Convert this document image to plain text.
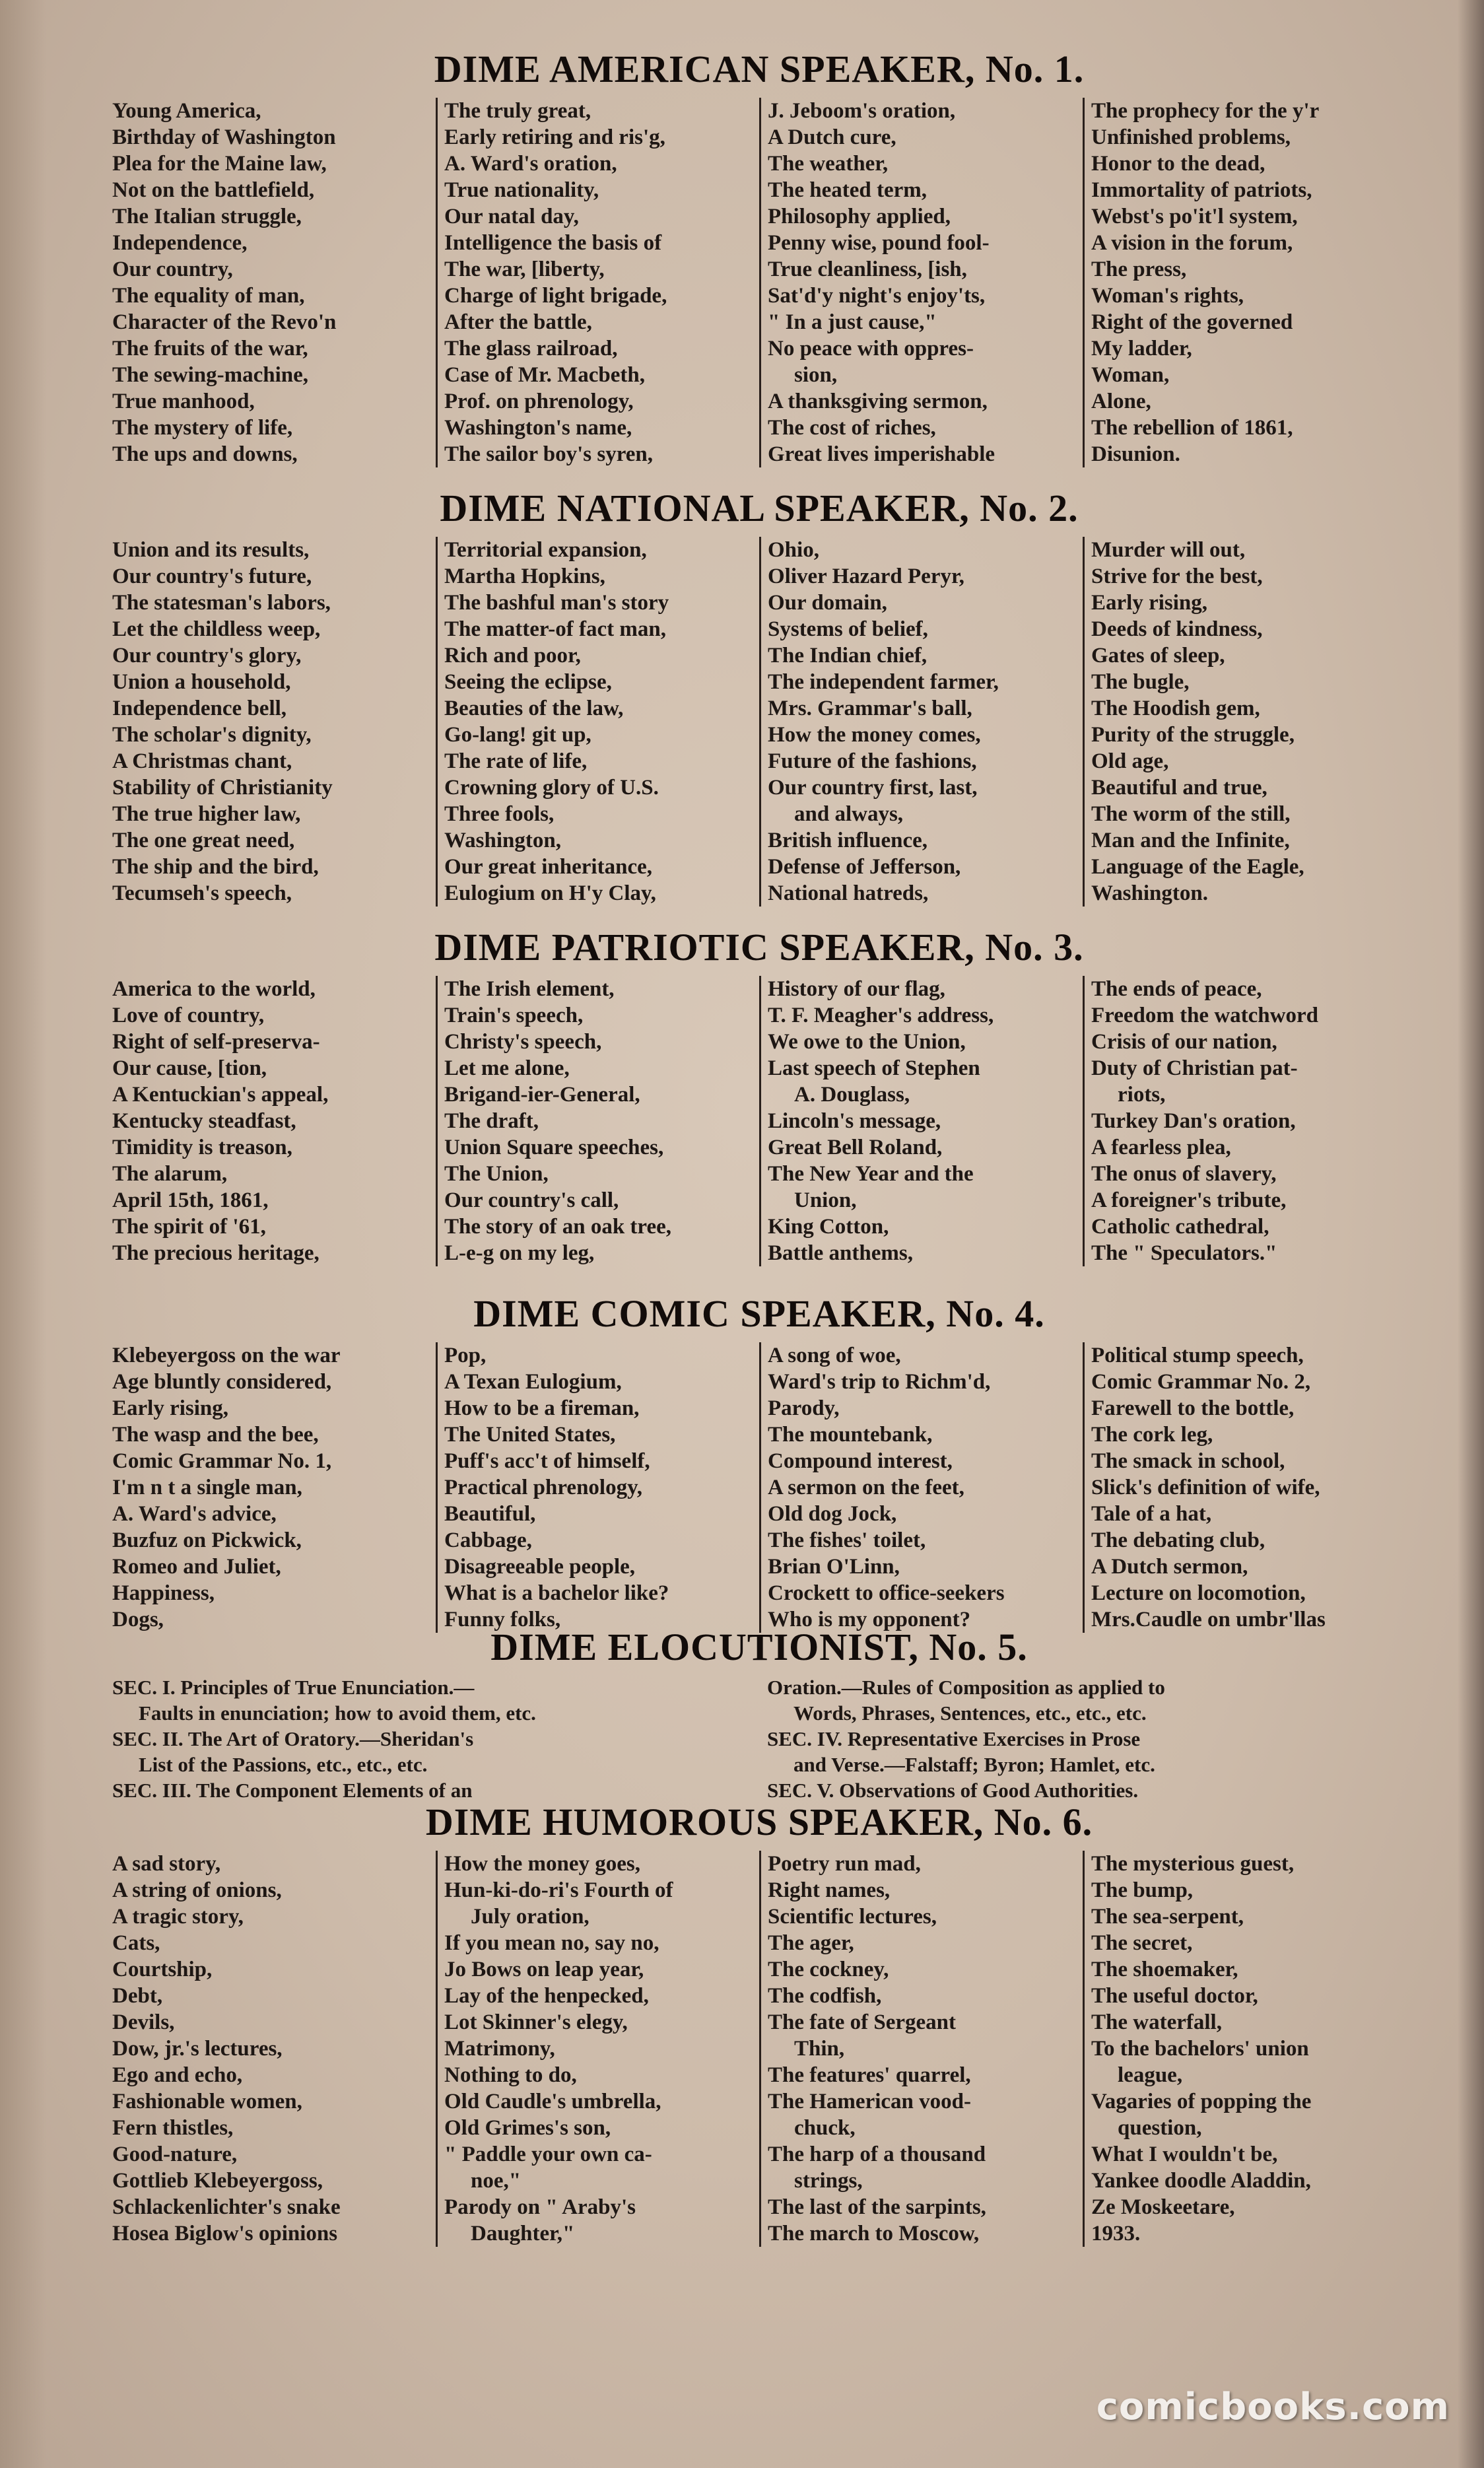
DIME AMERICAN SPEAKER, No. 1.
Young America,
Birthday of Washington
Plea for the Maine law,
Not on the battlefield,
The Italian struggle,
Independence,
Our country,
The equality of man,
Character of the Revo'n
The fruits of the war,
The sewing-machine,
True manhood,
The mystery of life,
The ups and downs,
The truly great,
Early retiring and ris'g,
A. Ward's oration,
True nationality,
Our natal day,
Intelligence the basis of
The war, [liberty,
Charge of light brigade,
After the battle,
The glass railroad,
Case of Mr. Macbeth,
Prof. on phrenology,
Washington's name,
The sailor boy's syren,
J. Jeboom's oration,
A Dutch cure,
The weather,
The heated term,
Philosophy applied,
Penny wise, pound fool-
True cleanliness, [ish,
Sat'd'y night's enjoy'ts,
" In a just cause,"
No peace with oppres-
sion,
A thanksgiving sermon,
The cost of riches,
Great lives imperishable
The prophecy for the y'r
Unfinished problems,
Honor to the dead,
Immortality of patriots,
Webst's po'it'l system,
A vision in the forum,
The press,
Woman's rights,
Right of the governed
My ladder,
Woman,
Alone,
The rebellion of 1861,
Disunion.
DIME NATIONAL SPEAKER, No. 2.
Union and its results,
Our country's future,
The statesman's labors,
Let the childless weep,
Our country's glory,
Union a household,
Independence bell,
The scholar's dignity,
A Christmas chant,
Stability of Christianity
The true higher law,
The one great need,
The ship and the bird,
Tecumseh's speech,
Territorial expansion,
Martha Hopkins,
The bashful man's story
The matter-of fact man,
Rich and poor,
Seeing the eclipse,
Beauties of the law,
Go-lang! git up,
The rate of life,
Crowning glory of U.S.
Three fools,
Washington,
Our great inheritance,
Eulogium on H'y Clay,
Ohio,
Oliver Hazard Peryr,
Our domain,
Systems of belief,
The Indian chief,
The independent farmer,
Mrs. Grammar's ball,
How the money comes,
Future of the fashions,
Our country first, last,
and always,
British influence,
Defense of Jefferson,
National hatreds,
Murder will out,
Strive for the best,
Early rising,
Deeds of kindness,
Gates of sleep,
The bugle,
The Hoodish gem,
Purity of the struggle,
Old age,
Beautiful and true,
The worm of the still,
Man and the Infinite,
Language of the Eagle,
Washington.
DIME PATRIOTIC SPEAKER, No. 3.
America to the world,
Love of country,
Right of self-preserva-
Our cause, [tion,
A Kentuckian's appeal,
Kentucky steadfast,
Timidity is treason,
The alarum,
April 15th, 1861,
The spirit of '61,
The precious heritage,
The Irish element,
Train's speech,
Christy's speech,
Let me alone,
Brigand-ier-General,
The draft,
Union Square speeches,
The Union,
Our country's call,
The story of an oak tree,
L-e-g on my leg,
History of our flag,
T. F. Meagher's address,
We owe to the Union,
Last speech of Stephen
A. Douglass,
Lincoln's message,
Great Bell Roland,
The New Year and the
Union,
King Cotton,
Battle anthems,
The ends of peace,
Freedom the watchword
Crisis of our nation,
Duty of Christian pat-
riots,
Turkey Dan's oration,
A fearless plea,
The onus of slavery,
A foreigner's tribute,
Catholic cathedral,
The " Speculators."
DIME COMIC SPEAKER, No. 4.
Klebeyergoss on the war
Age bluntly considered,
Early rising,
The wasp and the bee,
Comic Grammar No. 1,
I'm n t a single man,
A. Ward's advice,
Buzfuz on Pickwick,
Romeo and Juliet,
Happiness,
Dogs,
Pop,
A Texan Eulogium,
How to be a fireman,
The United States,
Puff's acc't of himself,
Practical phrenology,
Beautiful,
Cabbage,
Disagreeable people,
What is a bachelor like?
Funny folks,
A song of woe,
Ward's trip to Richm'd,
Parody,
The mountebank,
Compound interest,
A sermon on the feet,
Old dog Jock,
The fishes' toilet,
Brian O'Linn,
Crockett to office-seekers
Who is my opponent?
Political stump speech,
Comic Grammar No. 2,
Farewell to the bottle,
The cork leg,
The smack in school,
Slick's definition of wife,
Tale of a hat,
The debating club,
A Dutch sermon,
Lecture on locomotion,
Mrs.Caudle on umbr'llas
DIME ELOCUTIONIST, No. 5.
SEC. I. Principles of True Enunciation.—
Faults in enunciation; how to avoid them, etc.
SEC. II. The Art of Oratory.—Sheridan's
List of the Passions, etc., etc., etc.
SEC. III. The Component Elements of an
Oration.—Rules of Composition as applied to
Words, Phrases, Sentences, etc., etc., etc.
SEC. IV. Representative Exercises in Prose
and Verse.—Falstaff; Byron; Hamlet, etc.
SEC. V. Observations of Good Authorities.
DIME HUMOROUS SPEAKER, No. 6.
A sad story,
A string of onions,
A tragic story,
Cats,
Courtship,
Debt,
Devils,
Dow, jr.'s lectures,
Ego and echo,
Fashionable women,
Fern thistles,
Good-nature,
Gottlieb Klebeyergoss,
Schlackenlichter's snake
Hosea Biglow's opinions
How the money goes,
Hun-ki-do-ri's Fourth of
July oration,
If you mean no, say no,
Jo Bows on leap year,
Lay of the henpecked,
Lot Skinner's elegy,
Matrimony,
Nothing to do,
Old Caudle's umbrella,
Old Grimes's son,
" Paddle your own ca-
noe,"
Parody on " Araby's
Daughter,"
Poetry run mad,
Right names,
Scientific lectures,
The ager,
The cockney,
The codfish,
The fate of Sergeant
Thin,
The features' quarrel,
The Hamerican vood-
chuck,
The harp of a thousand
strings,
The last of the sarpints,
The march to Moscow,
The mysterious guest,
The bump,
The sea-serpent,
The secret,
The shoemaker,
The useful doctor,
The waterfall,
To the bachelors' union
league,
Vagaries of popping the
question,
What I wouldn't be,
Yankee doodle Aladdin,
Ze Moskeetare,
1933.
comicbooks.com
